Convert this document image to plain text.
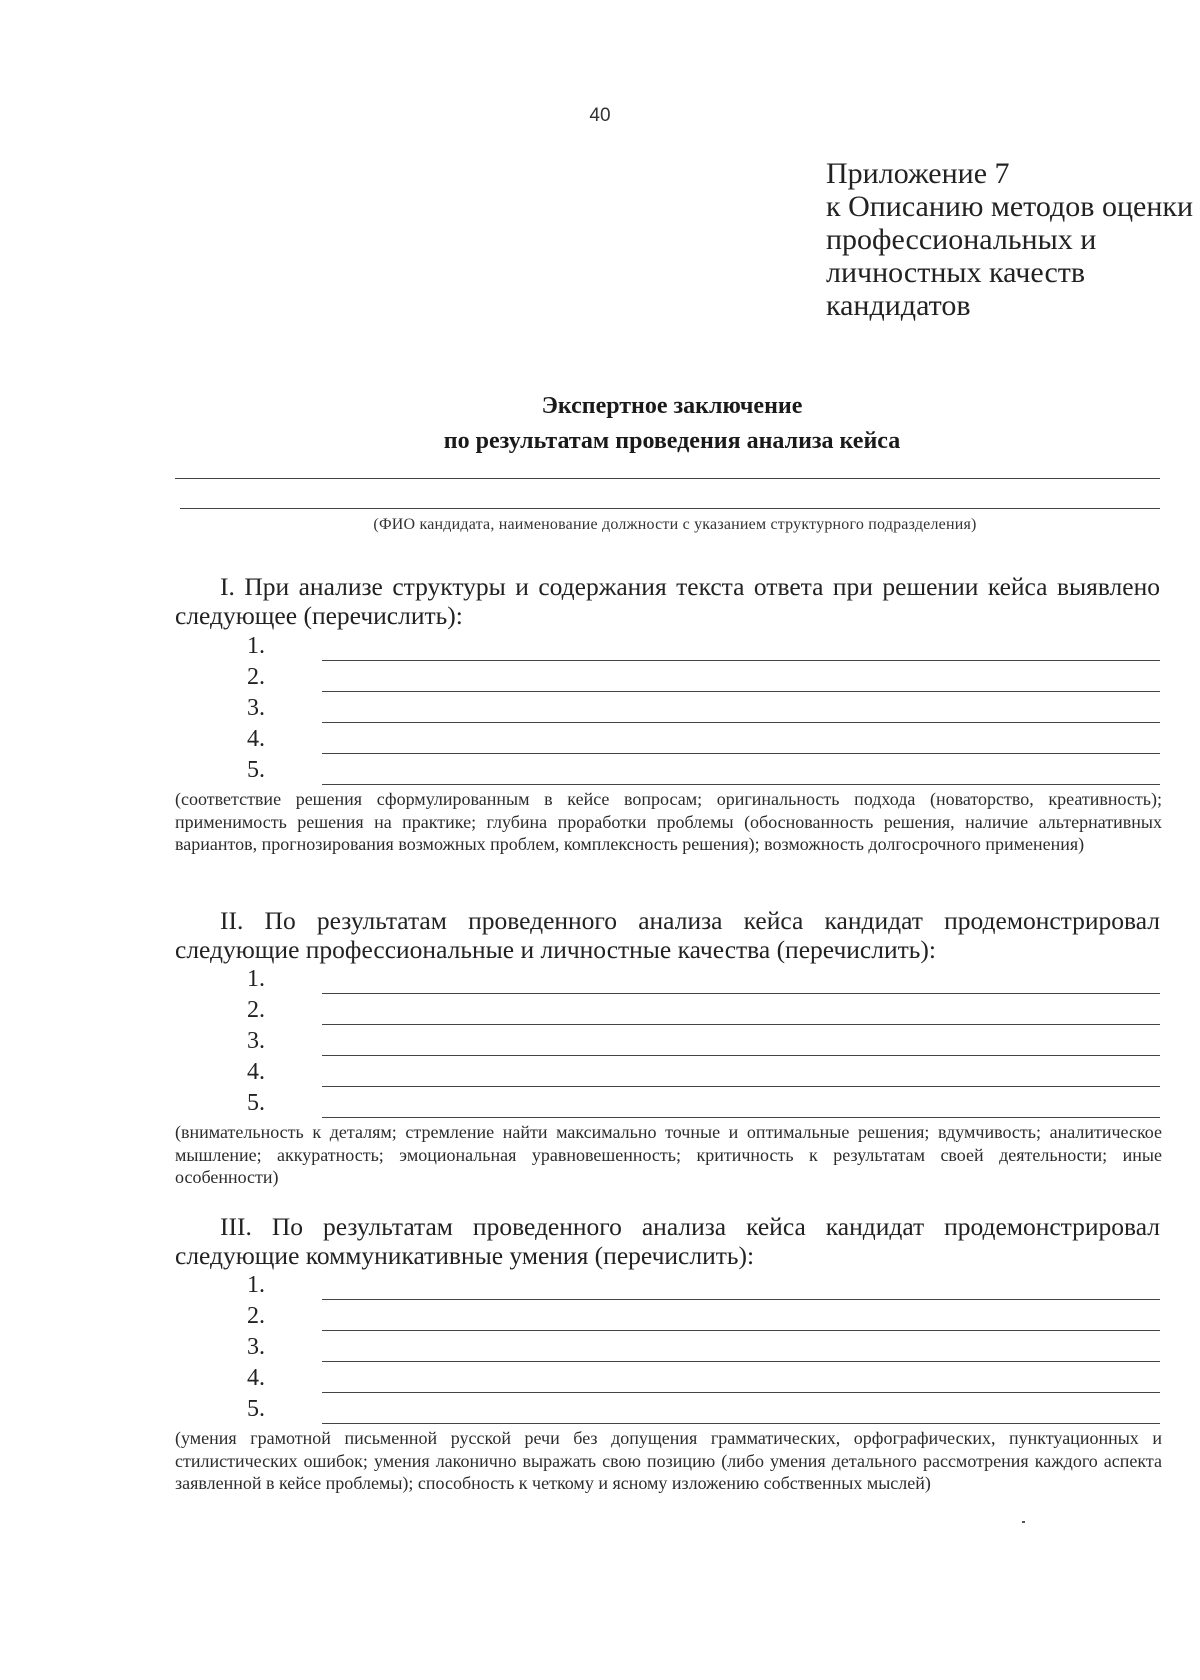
40
Приложение 7
к Описанию методов оценки
профессиональных и
личностных качеств
кандидатов
Экспертное заключение
по результатам проведения анализа кейса
(ФИО кандидата, наименование должности с указанием структурного подразделения)
I. При анализе структуры и содержания текста ответа при решении кейса выявлено следующее (перечислить):
1.
2.
3.
4.
5.
(соответствие решения сформулированным в кейсе вопросам; оригинальность подхода (новаторство, креативность); применимость решения на практике; глубина проработки проблемы (обоснованность решения, наличие альтернативных вариантов, прогнозирования возможных проблем, комплексность решения); возможность долгосрочного применения)
II. По результатам проведенного анализа кейса кандидат продемонстрировал следующие профессиональные и личностные качества (перечислить):
1.
2.
3.
4.
5.
(внимательность к деталям; стремление найти максимально точные и оптимальные решения; вдумчивость; аналитическое мышление; аккуратность; эмоциональная уравновешенность; критичность к результатам своей деятельности; иные особенности)
III. По результатам проведенного анализа кейса кандидат продемонстрировал следующие коммуникативные умения (перечислить):
1.
2.
3.
4.
5.
(умения грамотной письменной русской речи без допущения грамматических, орфографических, пунктуационных и стилистических ошибок; умения лаконично выражать свою позицию (либо умения детального рассмотрения каждого аспекта заявленной в кейсе проблемы); способность к четкому и ясному изложению собственных мыслей)
